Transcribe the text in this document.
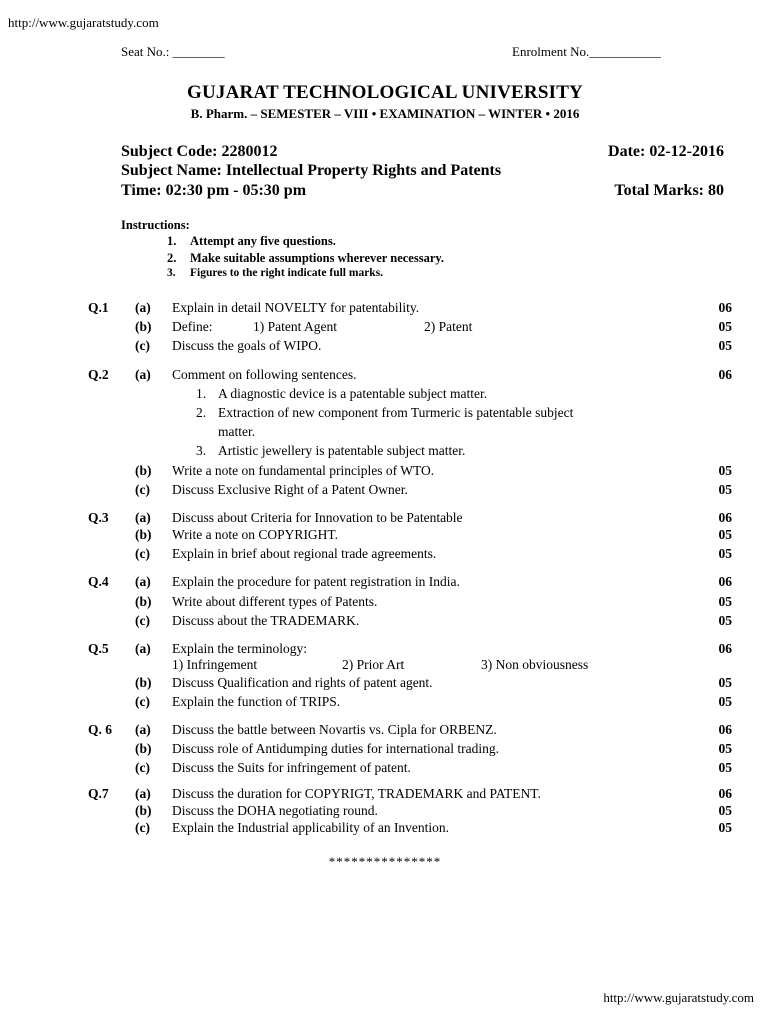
http://www.gujaratstudy.com
Seat No.: ________	Enrolment No.___________
GUJARAT TECHNOLOGICAL UNIVERSITY
B. Pharm. – SEMESTER – VIII • EXAMINATION – WINTER • 2016
Subject Code: 2280012	Date: 02-12-2016
Subject Name: Intellectual Property Rights and Patents
Time: 02:30 pm - 05:30 pm	Total Marks: 80
Instructions:
1. Attempt any five questions.
2. Make suitable assumptions wherever necessary.
3. Figures to the right indicate full marks.
Q.1 (a) Explain in detail NOVELTY for patentability.	06
(b) Define:	1) Patent Agent	2) Patent	05
(c) Discuss the goals of WIPO.	05
Q.2 (a) Comment on following sentences.	06
1. A diagnostic device is a patentable subject matter.
2. Extraction of new component from Turmeric is patentable subject
matter.
3. Artistic jewellery is patentable subject matter.
(b) Write a note on fundamental principles of WTO.	05
(c) Discuss Exclusive Right of a Patent Owner.	05
Q.3 (a) Discuss about Criteria for Innovation to be Patentable	06
(b) Write a note on COPYRIGHT.	05
(c) Explain in brief about regional trade agreements.	05
Q.4 (a) Explain the procedure for patent registration in India.	06
(b) Write about different types of Patents.	05
(c) Discuss about the TRADEMARK.	05
Q.5 (a) Explain the terminology:	06
1) Infringement	2) Prior Art	3) Non obviousness
(b) Discuss Qualification and rights of patent agent.	05
(c) Explain the function of TRIPS.	05
Q. 6 (a) Discuss the battle between Novartis vs. Cipla for ORBENZ.	06
(b) Discuss role of Antidumping duties for international trading.	05
(c) Discuss the Suits for infringement of patent.	05
Q.7 (a) Discuss the duration for COPYRIGT, TRADEMARK and PATENT.	06
(b) Discuss the DOHA negotiating round.	05
(c) Explain the Industrial applicability of an Invention.	05
***************
http://www.gujaratstudy.com
